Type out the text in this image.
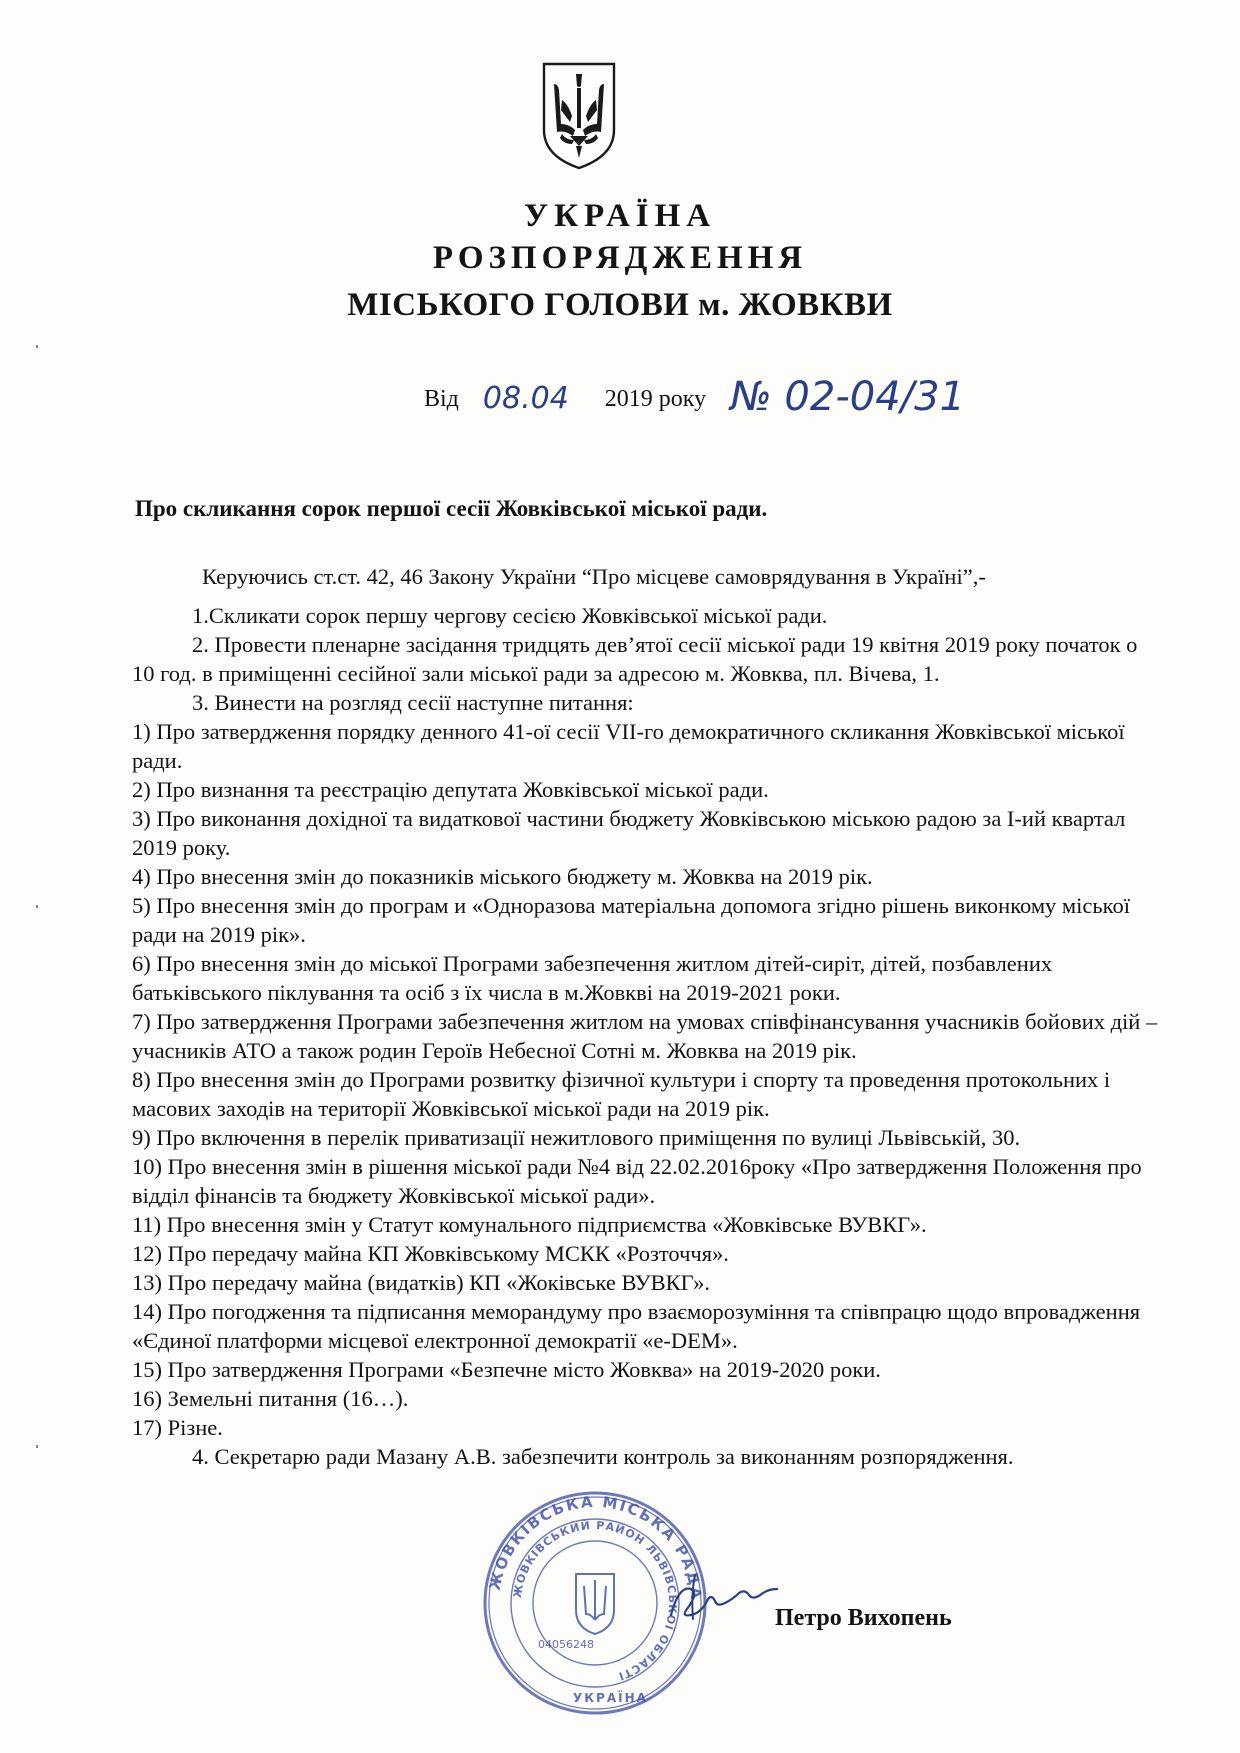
УКРАЇНА
РОЗПОРЯДЖЕННЯ
МІСЬКОГО ГОЛОВИ м. ЖОВКВИ
Від 08.04 2019 року № 02-04/31

Про скликання сорок першої сесії Жовківської міської ради.

Керуючись ст.ст. 42, 46 Закону України “Про місцеве самоврядування в Україні”,-

1.Скликати сорок першу чергову сесією Жовківської міської ради.

2. Провести пленарне засідання тридцять дев’ятої сесії міської ради 19 квітня 2019 року початок о 10 год. в приміщенні сесійної зали міської ради за адресою м. Жовква, пл. Вічева, 1.

3. Винести на розгляд сесії наступне питання:

1) Про затвердження порядку денного 41-ої сесії VII-го демократичного скликання Жовківської міської ради.

2) Про визнання та реєстрацію депутата Жовківської міської ради.

3) Про виконання дохідної та видаткової частини бюджету Жовківською міською радою за І-ий квартал 2019 року.

4) Про внесення змін до показників міського бюджету м. Жовква на 2019 рік.

5) Про внесення змін до програм и «Одноразова матеріальна допомога згідно рішень виконкому міської ради на 2019 рік».

6) Про внесення змін до міської Програми забезпечення житлом дітей-сиріт, дітей, позбавлених батьківського піклування та осіб з їх числа в м.Жовкві на 2019-2021 роки.

7) Про затвердження Програми забезпечення житлом на умовах співфінансування учасників бойових дій – учасників АТО а також родин Героїв Небесної Сотні м. Жовква на 2019 рік.

8) Про внесення змін до Програми розвитку фізичної культури і спорту та проведення протокольних і масових заходів на території Жовківської міської ради на 2019 рік.

9) Про включення в перелік приватизації нежитлового приміщення по вулиці Львівській, 30.

10) Про внесення змін в рішення міської ради №4 від 22.02.2016року «Про затвердження Положення про відділ фінансів та бюджету Жовківської міської ради».

11) Про внесення змін у Статут комунального підприємства «Жовківське ВУВКГ».

12) Про передачу майна КП Жовківському МСКК «Розточчя».

13) Про передачу майна (видатків) КП «Жоківське ВУВКГ».

14) Про погодження та підписання меморандуму про взаєморозуміння та співпрацю щодо впровадження «Єдиної платформи місцевої електронної демократії «e-DEM».

15) Про затвердження Програми «Безпечне місто Жовква» на 2019-2020 роки.

16) Земельні питання (16…).

17) Різне.

4. Секретарю ради Мазану А.В. забезпечити контроль за виконанням розпорядження.

ЖОВКІВСЬКА МІСЬКА РАДА
ЖОВКІВСЬКИЙ РАЙОН ЛЬВІВСЬКОЇ ОБЛАСТІ
04056248
УКРАЇНА
Петро Вихопень
